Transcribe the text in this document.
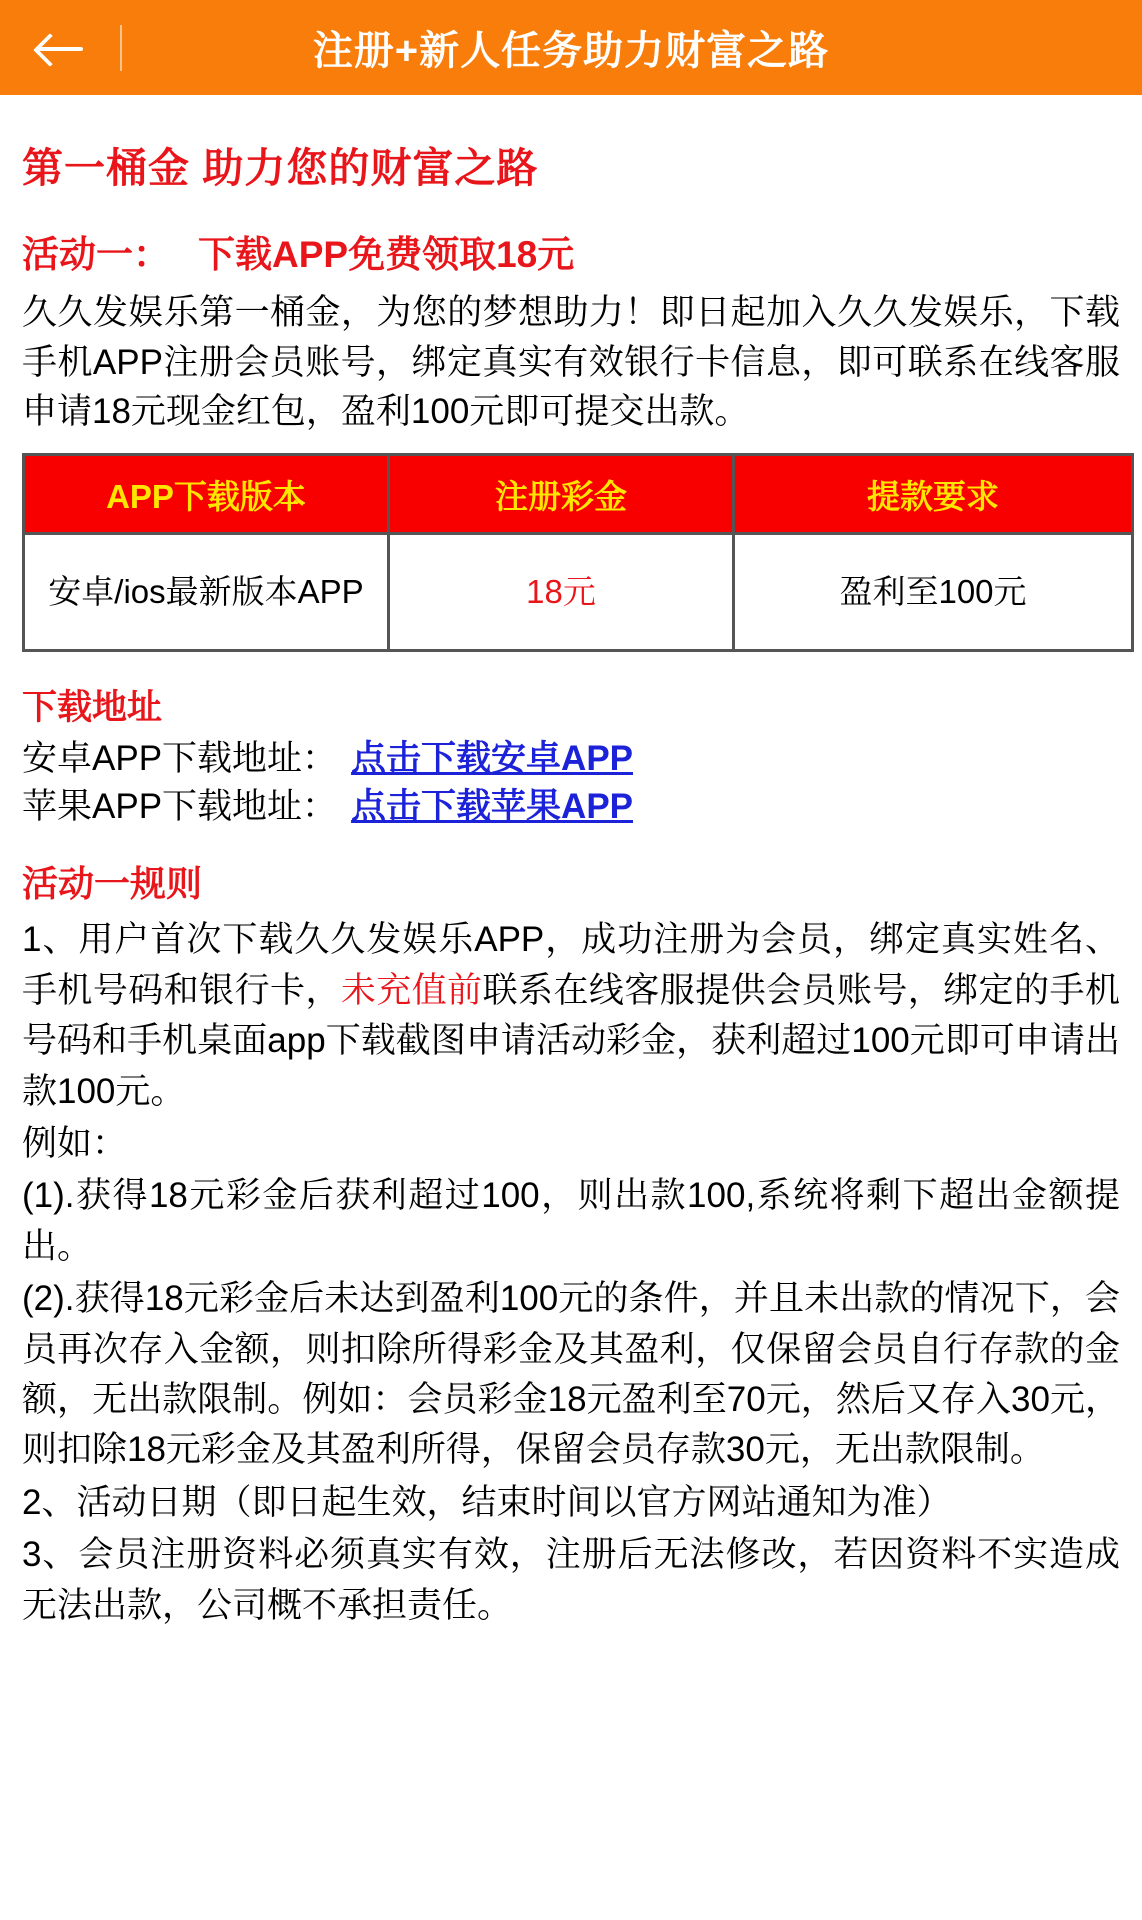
注册+新人任务助力财富之路
第一桶金 助力您的财富之路
活动一： 下载APP免费领取18元
久久发娱乐第一桶金，为您的梦想助力！即日起加入久久发娱乐，下载手机APP注册会员账号，绑定真实有效银行卡信息，即可联系在线客服申请18元现金红包，盈利100元即可提交出款。
APP下载版本	注册彩金	提款要求
安卓/ios最新版本APP	18元	盈利至100元
下载地址
安卓APP下载地址： 点击下载安卓APP
苹果APP下载地址： 点击下载苹果APP
活动一规则
1、用户首次下载久久发娱乐APP，成功注册为会员，绑定真实姓名、手机号码和银行卡，未充值前联系在线客服提供会员账号，绑定的手机号码和手机桌面app下载截图申请活动彩金，获利超过100元即可申请出款100元。
例如：
(1).获得18元彩金后获利超过100，则出款100,系统将剩下超出金额提出。
(2).获得18元彩金后未达到盈利100元的条件，并且未出款的情况下，会员再次存入金额，则扣除所得彩金及其盈利，仅保留会员自行存款的金额，无出款限制。例如：会员彩金18元盈利至70元，然后又存入30元，则扣除18元彩金及其盈利所得，保留会员存款30元，无出款限制。
2、活动日期（即日起生效，结束时间以官方网站通知为准）
3、会员注册资料必须真实有效，注册后无法修改，若因资料不实造成无法出款，公司概不承担责任。
